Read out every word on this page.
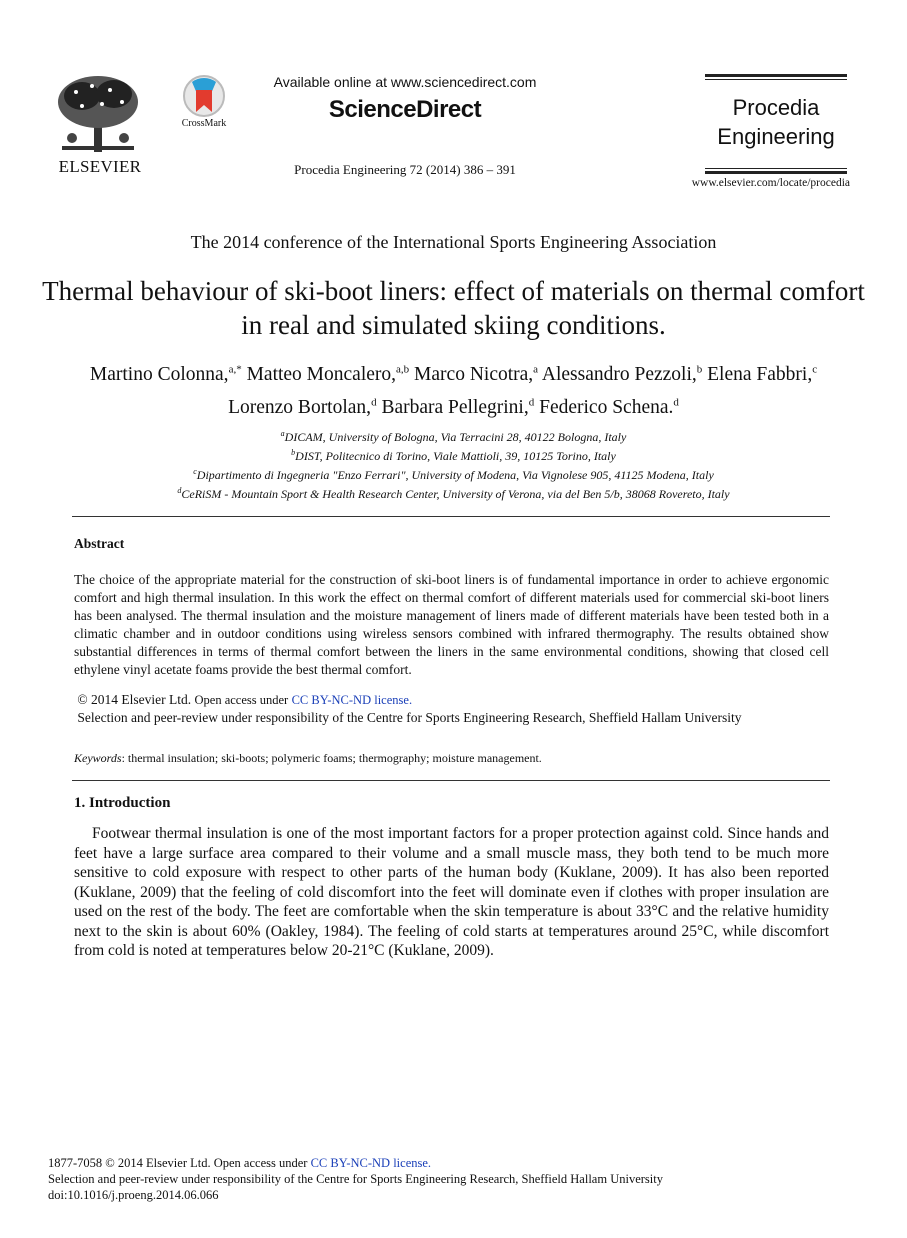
ELSEVIER
CrossMark
Available online at www.sciencedirect.com
ScienceDirect
Procedia Engineering 72 (2014) 386 – 391
Procedia
Engineering
www.elsevier.com/locate/procedia
The 2014 conference of the International Sports Engineering Association
Thermal behaviour of ski-boot liners: effect of materials on thermal comfort in real and simulated skiing conditions.
Martino Colonna,$^{a,*}$ Matteo Moncalero,$^{a,b}$ Marco Nicotra,$^a$ Alessandro Pezzoli,$^b$ Elena Fabbri,$^c$ Lorenzo Bortolan,$^d$ Barbara Pellegrini,$^d$ Federico Schena.$^d$
$^a$DICAM, University of Bologna, Via Terracini 28, 40122 Bologna, Italy
$^b$DIST, Politecnico di Torino, Viale Mattioli, 39, 10125 Torino, Italy
$^c$Dipartimento di Ingegneria "Enzo Ferrari", University of Modena, Via Vignolese 905, 41125 Modena, Italy
$^d$CeRiSM - Mountain Sport & Health Research Center, University of Verona, via del Ben 5/b, 38068 Rovereto, Italy
Abstract
The choice of the appropriate material for the construction of ski-boot liners is of fundamental importance in order to achieve ergonomic comfort and high thermal insulation. In this work the effect on thermal comfort of different materials used for commercial ski-boot liners has been analysed. The thermal insulation and the moisture management of liners made of different materials have been tested both in a climatic chamber and in outdoor conditions using wireless sensors combined with infrared thermography. The results obtained show substantial differences in terms of thermal comfort between the liners in the same environmental conditions, showing that closed cell ethylene vinyl acetate foams provide the best thermal comfort.
© 2014 Elsevier Ltd. Open access under CC BY-NC-ND license.
Selection and peer-review under responsibility of the Centre for Sports Engineering Research, Sheffield Hallam University
Keywords: thermal insulation; ski-boots; polymeric foams; thermography; moisture management.
1. Introduction
Footwear thermal insulation is one of the most important factors for a proper protection against cold. Since hands and feet have a large surface area compared to their volume and a small muscle mass, they both tend to be much more sensitive to cold exposure with respect to other parts of the human body (Kuklane, 2009). It has also been reported (Kuklane, 2009) that the feeling of cold discomfort into the feet will dominate even if clothes with proper insulation are used on the rest of the body. The feet are comfortable when the skin temperature is about 33°C and the relative humidity next to the skin is about 60% (Oakley, 1984). The feeling of cold starts at temperatures around 25°C, while discomfort from cold is noted at temperatures below 20-21°C (Kuklane, 2009).
1877-7058 © 2014 Elsevier Ltd. Open access under CC BY-NC-ND license.
Selection and peer-review under responsibility of the Centre for Sports Engineering Research, Sheffield Hallam University
doi:10.1016/j.proeng.2014.06.066
